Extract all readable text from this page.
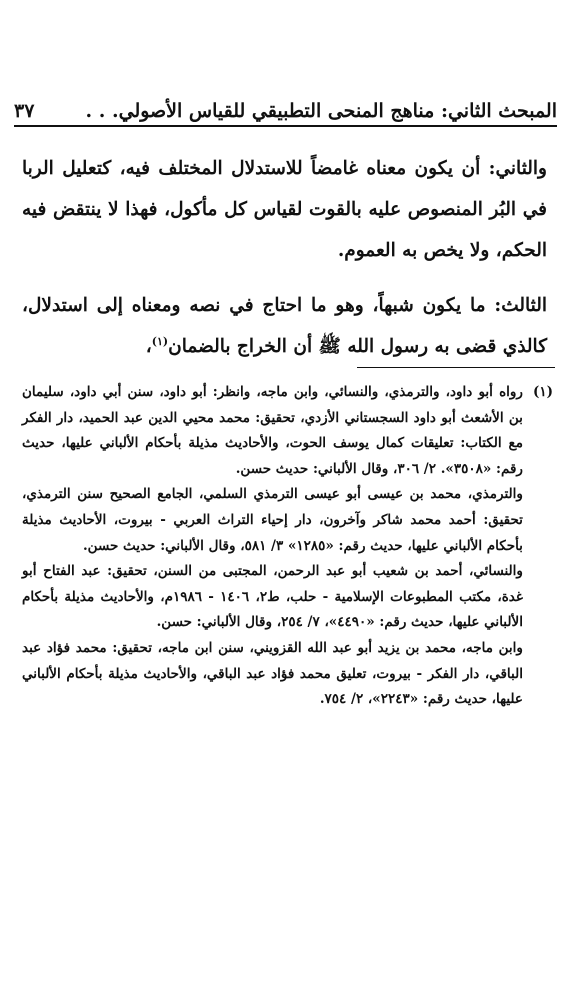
المبحث الثاني: مناهج المنحى التطبيقي للقياس الأصولي. . .
٣٧

والثاني: أن يكون معناه غامضاً للاستدلال المختلف فيه، كتعليل الربا في البُر المنصوص عليه بالقوت لقياس كل مأكول، فهذا لا ينتقض فيه الحكم، ولا يخص به العموم.

الثالث: ما يكون شبهاً، وهو ما احتاج في نصه ومعناه إلى استدلال، كالذي قضى به رسول الله ﷺ أن الخراج بالضمان$^{(١)}$،

(١)

رواه أبو داود، والترمذي، والنسائي، وابن ماجه، وانظر: أبو داود، سنن أبي داود، سليمان بن الأشعث أبو داود السجستاني الأزدي، تحقيق: محمد محيي الدين عبد الحميد، دار الفكر مع الكتاب: تعليقات كمال يوسف الحوت، والأحاديث مذيلة بأحكام الألباني عليها، حديث رقم: «٣٥٠٨». ٢/ ٣٠٦، وقال الألباني: حديث حسن.

والترمذي، محمد بن عيسى أبو عيسى الترمذي السلمي، الجامع الصحيح سنن الترمذي، تحقيق: أحمد محمد شاكر وآخرون، دار إحياء التراث العربي - بيروت، الأحاديث مذيلة بأحكام الألباني عليها، حديث رقم: «١٢٨٥» ٣/ ٥٨١، وقال الألباني: حديث حسن.

والنسائي، أحمد بن شعيب أبو عبد الرحمن، المجتبى من السنن، تحقيق: عبد الفتاح أبو غدة، مكتب المطبوعات الإسلامية - حلب، ط٢، ١٤٠٦ - ١٩٨٦م، والأحاديث مذيلة بأحكام الألباني عليها، حديث رقم: «٤٤٩٠»، ٧/ ٢٥٤، وقال الألباني: حسن.

وابن ماجه، محمد بن يزيد أبو عبد الله القزويني، سنن ابن ماجه، تحقيق: محمد فؤاد عبد الباقي، دار الفكر - بيروت، تعليق محمد فؤاد عبد الباقي، والأحاديث مذيلة بأحكام الألباني عليها، حديث رقم: «٢٢٤٣»، ٢/ ٧٥٤.
